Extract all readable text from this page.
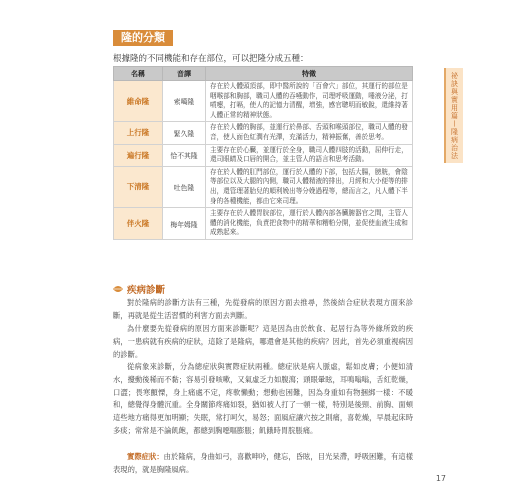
隆的分類
根據隆的不同機能和存在部位，可以把隆分成五種：
名稱	音譯	特徵
維命隆	索噶隆	存在於人體頭頂部，即中醫所說的「百會穴」部位，其運行的部位是咽喉部和胸部，職司人體的吞嚥動作，司理呼吸運動，唾液分泌，打噴嚏，打嗝，使人的記憶力清醒，增強，感官聰明而敏銳，還維持著人體正常的精神狀態。
上行隆	緊久隆	存在於人體的胸部，並運行於鼻部、舌頭和喉頭部位，職司人體的發音，使人面色紅潤有光澤，充滿活力，精神振奮，善於思考。
遍行隆	恰不其隆	主要存在於心臟，並運行於全身，職司人體四肢的活動，屈伸行走，還司眼睛及口唇的開合，並主管人的語言和思考活動。
下清隆	吐色隆	存在於人體的肛門部位，運行於人體的下部，包括大腸，膀胱，會陰等部位以及大腿的內側，職司人體精液的排出，月經和大小便等的排出，還管理著胎兒的順利娩出等分娩過程等，總而言之，凡人體下半身的各種機能，都由它來司理。
伴火隆	梅年姆隆	主要存在於人體胃脘部位，運行於人體內部各臟腑器官之間，主管人體的消化機能，負責把食物中的精華和糟粕分開，並促使血液生成和成熟起來。
疾病診斷
對於隆病的診斷方法有三種，先從發病的原因方面去推尋，然後結合症狀表現方面來診斷，再就是從生活習慣的利害方面去判斷。
為什麼要先從發病的原因方面來診斷呢？這是因為由於飲食、起居行為等外緣所致的疾病，一患病就有疾病的症狀，這除了是隆病，哪還會是其他的疾病？因此，首先必須重視病因的診斷。
從病象來診斷，分為總症狀與實際症狀兩種。總症狀是病人脈虛，鬆如皮膚；小便如清水，攪動後稀而不黏；容易引發咳嗽，又氣虛乏力如腹瀉；頭眼暈眩，耳鳴嗡嗡，舌紅乾燥，口澀；畏寒顫慄，身上痛處不定，疼軟懶動；想動也困難，因為身重如有物捆綁一樣：不暖和，總覺得身體沉重。全身關節疼痛如裂，猶如被人打了一頓一樣，特別是後頸、前胸、面頰這些地方痛得更加明顯；失眠，常打呵欠，易怒；面風症讓穴按之則痛，喜乾燥，早晨起床時多痰；常常是不論飢飽，都總到胸噁嘔膨脹；飢餓時胃脘脹痛。
實際症狀：由於隆病，身曲如弓，喜歡呻吟，健忘，昏眩，目光呆滯，呼吸困難，有這樣表現的，就是胸隆風病。
祕訣與實用篇—隆病治法
17
